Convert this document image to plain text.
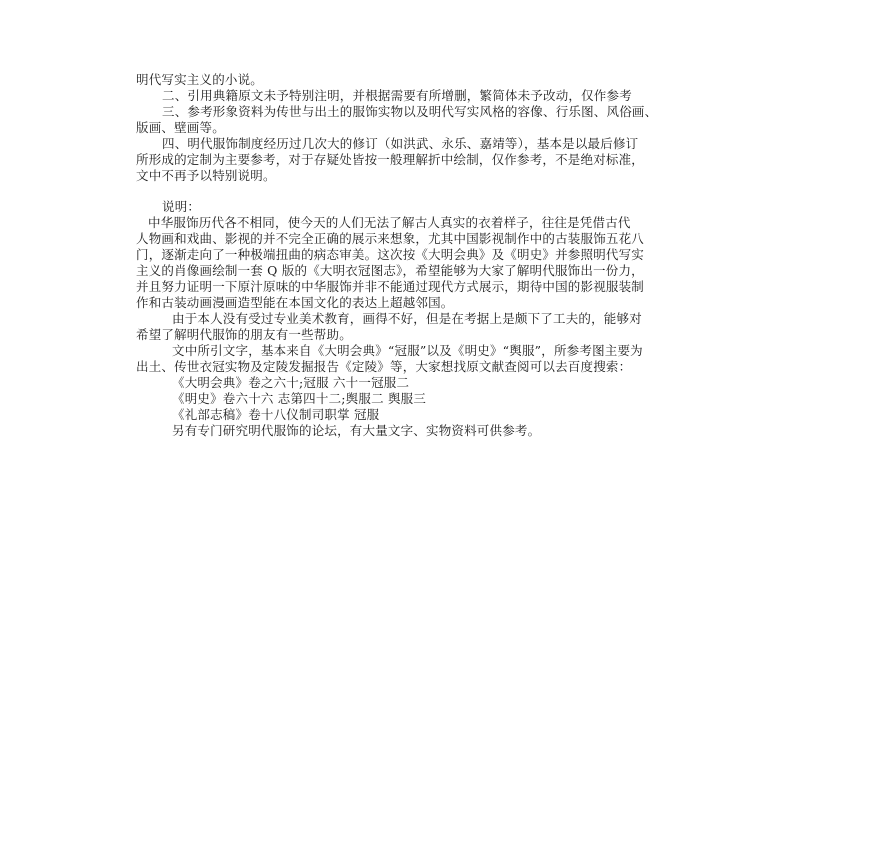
明代写实主义的小说。
二、引用典籍原文未予特别注明，并根据需要有所增删，繁简体未予改动，仅作参考
三、参考形象资料为传世与出土的服饰实物以及明代写实风格的容像、行乐图、风俗画、
版画、壁画等。
四、明代服饰制度经历过几次大的修订（如洪武、永乐、嘉靖等），基本是以最后修订
所形成的定制为主要参考，对于存疑处皆按一般理解折中绘制，仅作参考，不是绝对标准，
文中不再予以特别说明。
说明：
中华服饰历代各不相同，使今天的人们无法了解古人真实的衣着样子，往往是凭借古代
人物画和戏曲、影视的并不完全正确的展示来想象，尤其中国影视制作中的古装服饰五花八
门，逐渐走向了一种极端扭曲的病态审美。这次按《大明会典》及《明史》并参照明代写实
主义的肖像画绘制一套 Q 版的《大明衣冠图志》，希望能够为大家了解明代服饰出一份力，
并且努力证明一下原汁原味的中华服饰并非不能通过现代方式展示，期待中国的影视服装制
作和古装动画漫画造型能在本国文化的表达上超越邻国。
由于本人没有受过专业美术教育，画得不好，但是在考据上是颇下了工夫的，能够对
希望了解明代服饰的朋友有一些帮助。
文中所引文字，基本来自《大明会典》“冠服”以及《明史》“舆服”，所参考图主要为
出土、传世衣冠实物及定陵发掘报告《定陵》等，大家想找原文献查阅可以去百度搜索：
《大明会典》卷之六十;冠服 六十一冠服二
《明史》卷六十六 志第四十二;舆服二 舆服三
《礼部志稿》卷十八仪制司职掌 冠服
另有专门研究明代服饰的论坛，有大量文字、实物资料可供参考。
